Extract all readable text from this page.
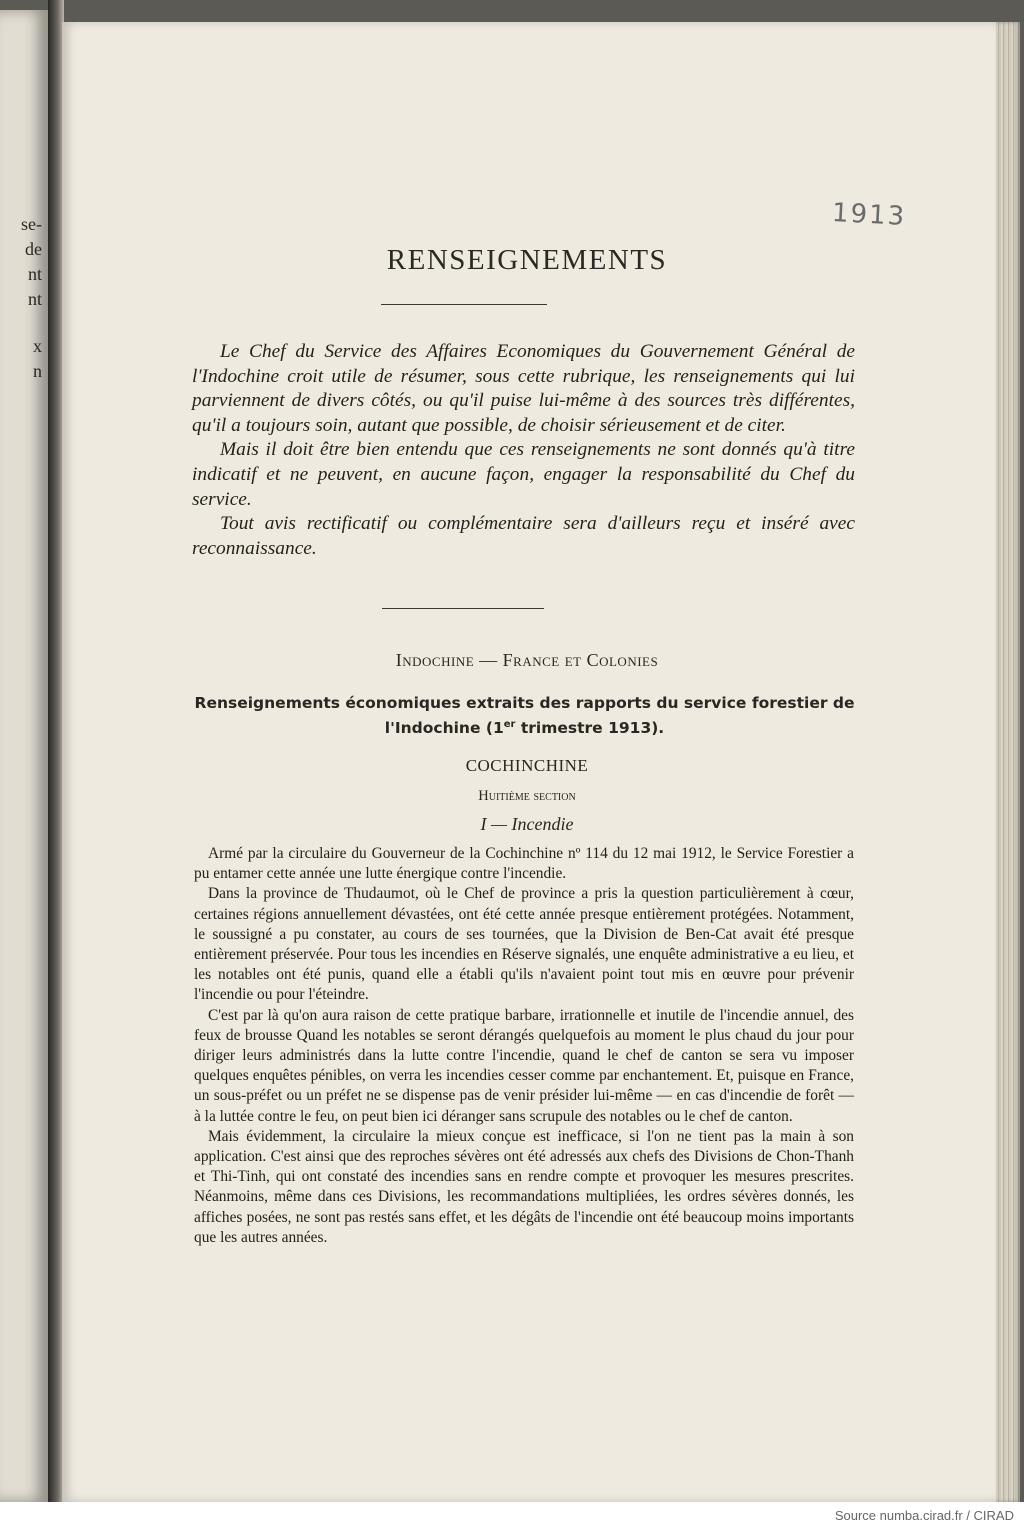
se-
de
nt
nt
x
n
1913
RENSEIGNEMENTS

Le Chef du Service des Affaires Economiques du Gouvernement Général de l'Indochine croit utile de résumer, sous cette rubrique, les renseignements qui lui parviennent de divers côtés, ou qu'il puise lui-même à des sources très différentes, qu'il a toujours soin, autant que possible, de choisir sérieusement et de citer.

Mais il doit être bien entendu que ces renseignements ne sont donnés qu'à titre indicatif et ne peuvent, en aucune façon, engager la responsabilité du Chef du service.

Tout avis rectificatif ou complémentaire sera d'ailleurs reçu et inséré avec reconnaissance.

Indochine — France et Colonies
Renseignements économiques extraits des rapports du service forestier de l'Indochine (1er trimestre 1913).
COCHINCHINE
Huitième section
I — Incendie

Armé par la circulaire du Gouverneur de la Cochinchine nº 114 du 12 mai 1912, le Service Forestier a pu entamer cette année une lutte énergique contre l'incendie.

Dans la province de Thudaumot, où le Chef de province a pris la question particulièrement à cœur, certaines régions annuellement dévastées, ont été cette année presque entièrement protégées. Notamment, le soussigné a pu constater, au cours de ses tournées, que la Division de Ben-Cat avait été presque entièrement préservée. Pour tous les incendies en Réserve signalés, une enquête administrative a eu lieu, et les notables ont été punis, quand elle a établi qu'ils n'avaient point tout mis en œuvre pour prévenir l'incendie ou pour l'éteindre.

C'est par là qu'on aura raison de cette pratique barbare, irrationnelle et inutile de l'incendie annuel, des feux de brousse Quand les notables se seront dérangés quelquefois au moment le plus chaud du jour pour diriger leurs administrés dans la lutte contre l'incendie, quand le chef de canton se sera vu imposer quelques enquêtes pénibles, on verra les incendies cesser comme par enchantement. Et, puisque en France, un sous-préfet ou un préfet ne se dispense pas de venir présider lui-même — en cas d'incendie de forêt — à la luttée contre le feu, on peut bien ici déranger sans scrupule des notables ou le chef de canton.

Mais évidemment, la circulaire la mieux conçue est inefficace, si l'on ne tient pas la main à son application. C'est ainsi que des reproches sévères ont été adressés aux chefs des Divisions de Chon-Thanh et Thi-Tinh, qui ont constaté des incendies sans en rendre compte et provoquer les mesures prescrites. Néanmoins, même dans ces Divisions, les recommandations multipliées, les ordres sévères donnés, les affiches posées, ne sont pas restés sans effet, et les dégâts de l'incendie ont été beaucoup moins importants que les autres années.

Source numba.cirad.fr / CIRAD
